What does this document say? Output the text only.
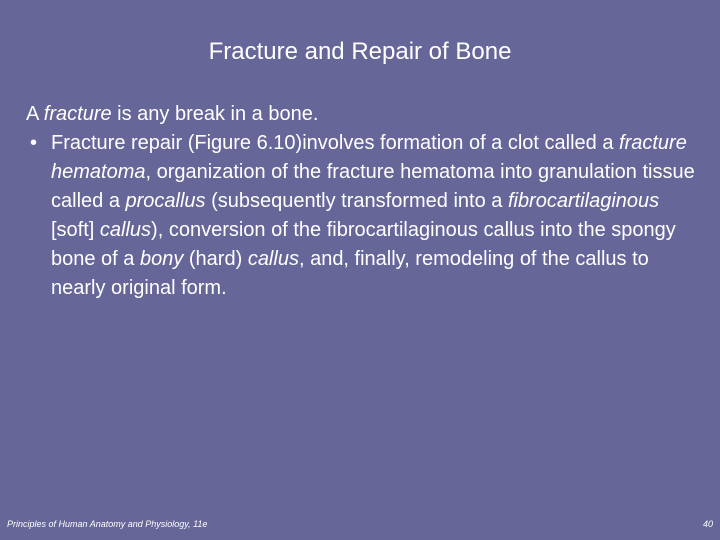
Fracture and Repair of Bone

A fracture is any break in a bone.

• Fracture repair (Figure 6.10)involves formation of a clot called a fracture hematoma, organization of the fracture hematoma into granulation tissue called a procallus (subsequently transformed into a fibrocartilaginous [soft] callus), conversion of the fibrocartilaginous callus into the spongy bone of a bony (hard) callus, and, finally, remodeling of the callus to nearly original form.

Principles of Human Anatomy and Physiology, 11e	40
